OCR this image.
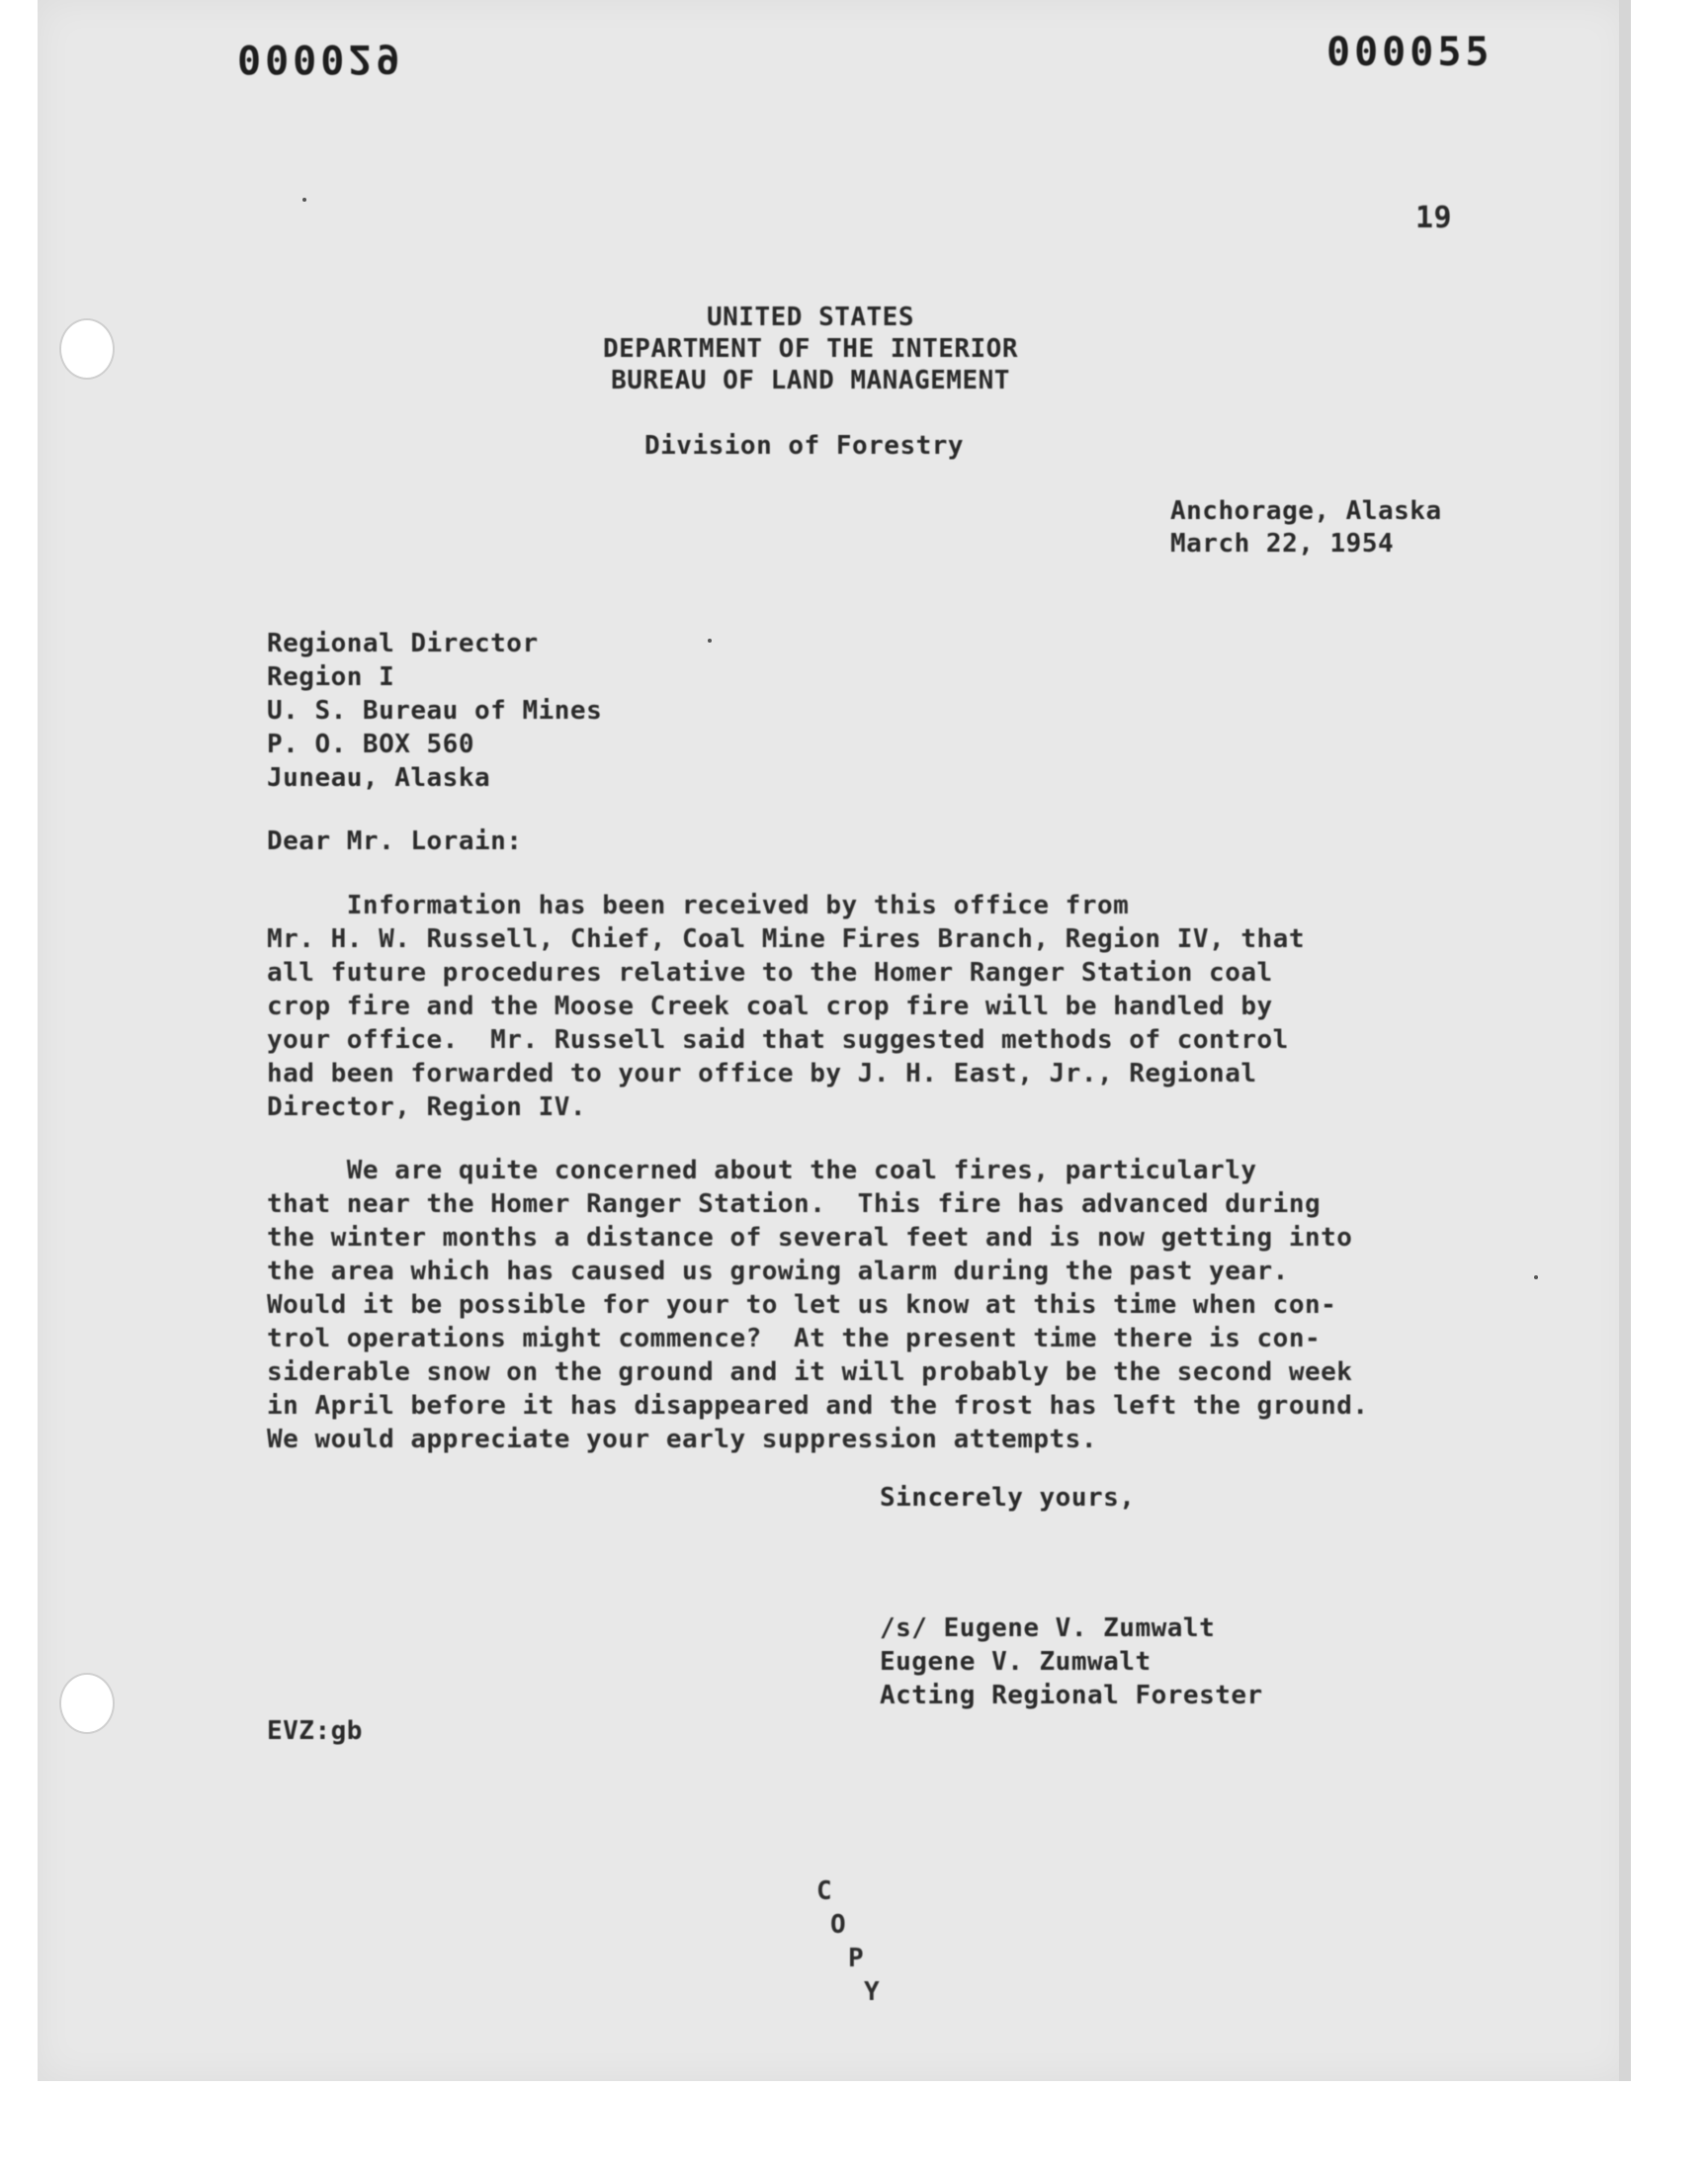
000029	000055
19
UNITED STATES
DEPARTMENT OF THE INTERIOR
BUREAU OF LAND MANAGEMENT
Division of Forestry
Anchorage, Alaska
March 22, 1954
Regional Director
Region I
U. S. Bureau of Mines
P. O. BOX 560
Juneau, Alaska
Dear Mr. Lorain:
Information has been received by this office from
Mr. H. W. Russell, Chief, Coal Mine Fires Branch, Region IV, that
all future procedures relative to the Homer Ranger Station coal
crop fire and the Moose Creek coal crop fire will be handled by
your office.  Mr. Russell said that suggested methods of control
had been forwarded to your office by J. H. East, Jr., Regional
Director, Region IV.
We are quite concerned about the coal fires, particularly
that near the Homer Ranger Station.  This fire has advanced during
the winter months a distance of several feet and is now getting into
the area which has caused us growing alarm during the past year.
Would it be possible for your to let us know at this time when con-
trol operations might commence?  At the present time there is con-
siderable snow on the ground and it will probably be the second week
in April before it has disappeared and the frost has left the ground.
We would appreciate your early suppression attempts.
Sincerely yours,
/s/ Eugene V. Zumwalt
Eugene V. Zumwalt
Acting Regional Forester
EVZ:gb
C
O
P
Y
